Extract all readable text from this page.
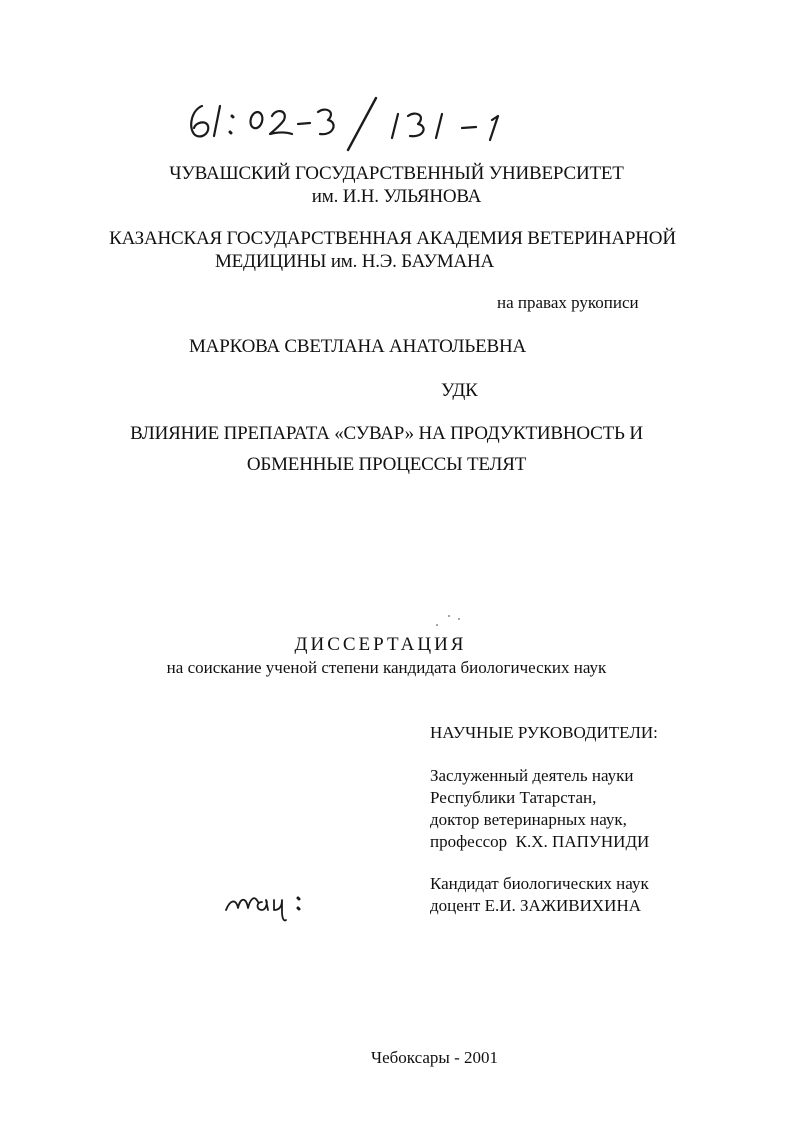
ЧУВАШСКИЙ ГОСУДАРСТВЕННЫЙ УНИВЕРСИТЕТ
им. И.Н. УЛЬЯНОВА
КАЗАНСКАЯ ГОСУДАРСТВЕННАЯ АКАДЕМИЯ ВЕТЕРИНАРНОЙ
МЕДИЦИНЫ им. Н.Э. БАУМАНА
на правах рукописи
МАРКОВА СВЕТЛАНА АНАТОЛЬЕВНА
УДК
ВЛИЯНИЕ ПРЕПАРАТА «СУВАР» НА ПРОДУКТИВНОСТЬ И
ОБМЕННЫЕ ПРОЦЕССЫ ТЕЛЯТ
ДИССЕРТАЦИЯ
на соискание ученой степени кандидата биологических наук
НАУЧНЫЕ РУКОВОДИТЕЛИ:
Заслуженный деятель науки
Республики Татарстан,
доктор ветеринарных наук,
профессор  К.Х. ПАПУНИДИ
Кандидат биологических наук
доцент Е.И. ЗАЖИВИХИНА
Чебоксары - 2001
